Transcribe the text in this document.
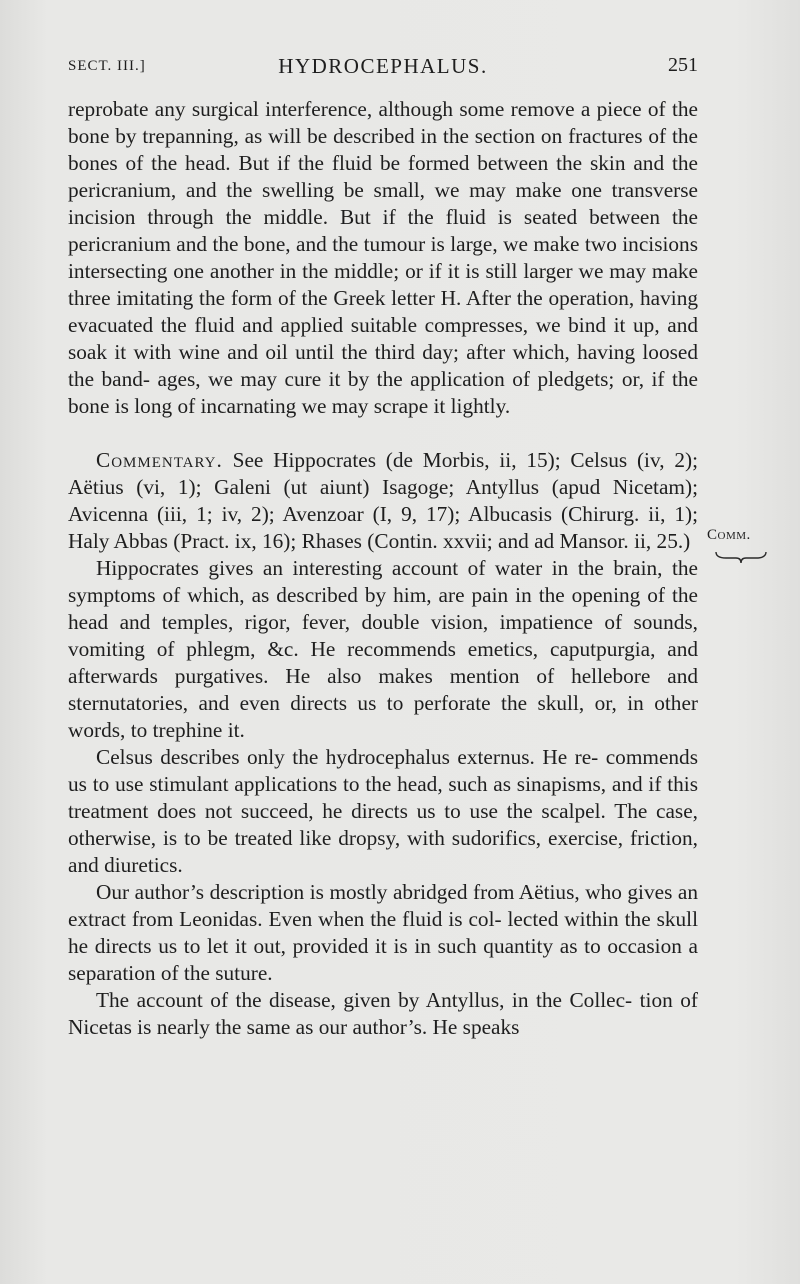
SECT. III.]	HYDROCEPHALUS.	251

reprobate any surgical interference, although some remove a piece of the bone by trepanning, as will be described in the section on fractures of the bones of the head. But if the fluid be formed between the skin and the pericranium, and the swelling be small, we may make one transverse incision through the middle. But if the fluid is seated between the pericranium and the bone, and the tumour is large, we make two incisions intersecting one another in the middle; or if it is still larger we may make three imitating the form of the Greek letter H. After the operation, having evacuated the fluid and applied suitable compresses, we bind it up, and soak it with wine and oil until the third day; after which, having loosed the band- ages, we may cure it by the application of pledgets; or, if the bone is long of incarnating we may scrape it lightly.

Commentary. See Hippocrates (de Morbis, ii, 15); Celsus (iv, 2); Aëtius (vi, 1); Galeni (ut aiunt) Isagoge; Antyllus (apud Nicetam); Avicenna (iii, 1; iv, 2); Avenzoar (I, 9, 17); Albucasis (Chirurg. ii, 1); Haly Abbas (Pract. ix, 16); Rhases (Contin. xxvii; and ad Mansor. ii, 25.)

Hippocrates gives an interesting account of water in the brain, the symptoms of which, as described by him, are pain in the opening of the head and temples, rigor, fever, double vision, impatience of sounds, vomiting of phlegm, &c. He recommends emetics, caputpurgia, and afterwards purgatives. He also makes mention of hellebore and sternutatories, and even directs us to perforate the skull, or, in other words, to trephine it.

Celsus describes only the hydrocephalus externus. He re- commends us to use stimulant applications to the head, such as sinapisms, and if this treatment does not succeed, he directs us to use the scalpel. The case, otherwise, is to be treated like dropsy, with sudorifics, exercise, friction, and diuretics.

Our author’s description is mostly abridged from Aëtius, who gives an extract from Leonidas. Even when the fluid is col- lected within the skull he directs us to let it out, provided it is in such quantity as to occasion a separation of the suture.

The account of the disease, given by Antyllus, in the Collec- tion of Nicetas is nearly the same as our author’s. He speaks

Comm.
